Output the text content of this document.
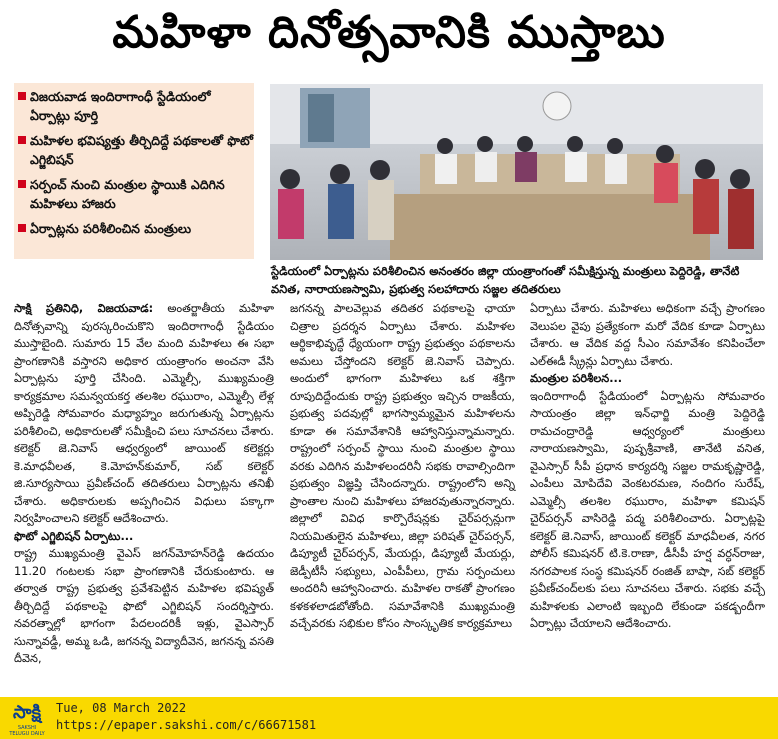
మహిళా దినోత్సవానికి ముస్తాబు
విజయవాడ ఇందిరాగాంధీ స్టేడియంలో ఏర్పాట్లు పూర్తి
మహిళల భవిష్యత్తు తీర్చిదిద్దే పథకాలతో ఫొటో ఎగ్జిబిషన్
సర్పంచ్ నుంచి మంత్రుల స్థాయికి ఎదిగిన మహిళలు హాజరు
ఏర్పాట్లను పరిశీలించిన మంత్రులు
స్టేడియంలో ఏర్పాట్లను పరిశీలించిన అనంతరం జిల్లా యంత్రాంగంతో సమీక్షిస్తున్న మంత్రులు పెద్దిరెడ్డి, తానేటి వనిత, నారాయణస్వామి, ప్రభుత్వ సలహాదారు సజ్జల తదితరులు

సాక్షి ప్రతినిధి, విజయవాడ: అంతర్జాతీయ మహిళా దినోత్సవాన్ని పురస్కరించుకొని ఇందిరాగాంధీ స్టేడియం ముస్తాబైంది. సుమారు 15 వేల మంది మహిళలు ఈ సభా ప్రాంగణానికి వస్తారని అధికార యంత్రాంగం అంచనా వేసి ఏర్పాట్లను పూర్తి చేసింది. ఎమ్మెల్సీ, ముఖ్యమంత్రి కార్యక్రమాల సమన్వయకర్త తలశిల రఘురాం, ఎమ్మెల్సీ లేళ్ల అప్పిరెడ్డి సోమవారం మధ్యాహ్నం జరుగుతున్న ఏర్పాట్లను పరిశీలించి, అధికారులతో సమీక్షించి పలు సూచనలు చేశారు. కలెక్టర్ జె.నివాస్ ఆధ్వర్యంలో జాయింట్ కలెక్టర్లు కె.మాధవీలత, కె.మోహన్‌కుమార్, సబ్ కలెక్టర్ జి.సూర్యసాయి ప్రవీణ్‌చంద్ తదితరులు ఏర్పాట్లను తనిఖీ చేశారు. అధికారులకు అప్పగించిన విధులు పక్కాగా నిర్వహించాలని కలెక్టర్ ఆదేశించారు.

ఫొటో ఎగ్జిబిషన్ ఏర్పాటు...

రాష్ట్ర ముఖ్యమంత్రి వైఎస్ జగన్‌మోహన్‌రెడ్డి ఉదయం 11.20 గంటలకు సభా ప్రాంగణానికి చేరుకుంటారు. ఆ తర్వాత రాష్ట్ర ప్రభుత్వ ప్రవేశపెట్టిన మహిళల భవిష్యత్ తీర్చిదిద్దే పథకాలపై ఫొటో ఎగ్జిబిషన్ సందర్శిస్తారు. నవరత్నాల్లో భాగంగా పేదలందరికీ ఇళ్లు, వైఎస్సార్ సున్నావడ్డీ, అమ్మ ఒడి, జగనన్న విద్యాదీవెన, జగనన్న వసతి దీవెన,

జగనన్న పాలవెల్లువ తదితర పథకాలపై ఛాయా చిత్రాల ప్రదర్శన ఏర్పాటు చేశారు. మహిళల ఆర్థికాభివృద్ధే ధ్యేయంగా రాష్ట్ర ప్రభుత్వం పథకాలను అమలు చేస్తోందని కలెక్టర్ జె.నివాస్ చెప్పారు. అందులో భాగంగా మహిళలు ఒక శక్తిగా రూపుదిద్దేందుకు రాష్ట్ర ప్రభుత్వం ఇచ్చిన రాజకీయ, ప్రభుత్వ పదవుల్లో భాగస్వామ్యమైన మహిళలను కూడా ఈ సమావేశానికి ఆహ్వానిస్తున్నామన్నారు. రాష్ట్రంలో సర్పంచ్ స్థాయి నుంచి మంత్రుల స్థాయి వరకు ఎదిగిన మహిళలందరినీ సభకు రావాల్సిందిగా ప్రభుత్వం విజ్ఞప్తి చేసిందన్నారు. రాష్ట్రంలోని అన్ని ప్రాంతాల నుంచి మహిళలు హాజరవుతున్నారన్నారు. జిల్లాలో వివిధ కార్పొరేషన్లకు చైర్‌పర్సన్లుగా నియమితులైన మహిళలు, జిల్లా పరిషత్ చైర్‌పర్సన్, డిప్యూటీ చైర్‌పర్సన్, మేయర్లు, డిప్యూటీ మేయర్లు, జెడ్పీటీసీ సభ్యులు, ఎంపీపీలు, గ్రామ సర్పంచులు అందరినీ ఆహ్వానించారు. మహిళల రాకతో ప్రాంగణం కళకళలాడబోతోంది. సమావేశానికి ముఖ్యమంత్రి వచ్చేవరకు సభికుల కోసం సాంస్కృతిక కార్యక్రమాలు

ఏర్పాటు చేశారు. మహిళలు అధికంగా వచ్చే ప్రాంగణం వెలుపల వైపు ప్రత్యేకంగా మరో వేదిక కూడా ఏర్పాటు చేశారు. ఆ వేదిక వద్ద సీఎం సమావేశం కనిపించేలా ఎల్‌ఈడీ స్క్రీన్లు ఏర్పాటు చేశారు.

మంత్రుల పరిశీలన...

ఇందిరాగాంధీ స్టేడియంలో ఏర్పాట్లను సోమవారం సాయంత్రం జిల్లా ఇన్‌ఛార్జి మంత్రి పెద్దిరెడ్డి రామచంద్రారెడ్డి ఆధ్వర్యంలో మంత్రులు నారాయణస్వామి, పుష్పశ్రీవాణి, తానేటి వనిత, వైఎస్సార్ సీపీ ప్రధాన కార్యదర్శి సజ్జల రామకృష్ణారెడ్డి, ఎంపీలు మోపిదేవి వెంకటరమణ, నందిగం సురేష్, ఎమ్మెల్సీ తలశిల రఘురాం, మహిళా కమిషన్ చైర్‌పర్సన్ వాసిరెడ్డి పద్మ పరిశీలించారు. ఏర్పాట్లపై కలెక్టర్ జె.నివాస్, జాయింట్ కలెక్టర్ మాధవీలత, నగర పోలీస్ కమిషనర్ టి.కె.రాణా, డీసీపీ హర్ష వర్ధన్‌రాజు, నగరపాలక సంస్థ కమిషనర్ రంజిత్ బాషా, సబ్ కలెక్టర్ ప్రవీణ్‌చంద్‌లకు పలు సూచనలు చేశారు. సభకు వచ్చే మహిళలకు ఎలాంటి ఇబ్బంది లేకుండా పకడ్బందీగా ఏర్పాట్లు చేయాలని ఆదేశించారు.

సాక్షి
SAKSHI TELUGU DAILY
Tue, 08 March 2022
https://epaper.sakshi.com/c/66671581
